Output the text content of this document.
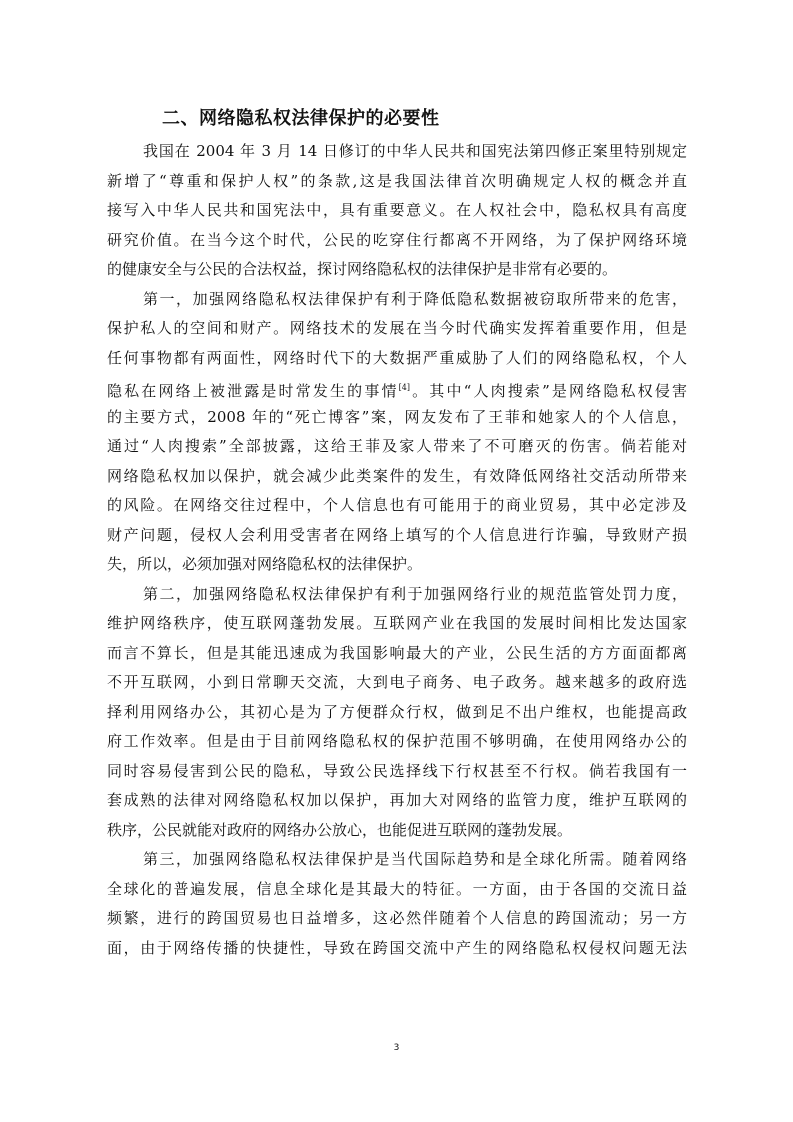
二、网络隐私权法律保护的必要性
我国在 2004 年 3 月 14 日修订的中华人民共和国宪法第四修正案里特别规定
新增了“尊重和保护人权”的条款,这是我国法律首次明确规定人权的概念并直
接写入中华人民共和国宪法中，具有重要意义。在人权社会中，隐私权具有高度
研究价值。在当今这个时代，公民的吃穿住行都离不开网络，为了保护网络环境
的健康安全与公民的合法权益，探讨网络隐私权的法律保护是非常有必要的。
第一，加强网络隐私权法律保护有利于降低隐私数据被窃取所带来的危害，
保护私人的空间和财产。网络技术的发展在当今时代确实发挥着重要作用，但是
任何事物都有两面性，网络时代下的大数据严重威胁了人们的网络隐私权，个人
隐私在网络上被泄露是时常发生的事情[4]。其中“人肉搜索”是网络隐私权侵害
的主要方式，2008 年的“死亡博客”案，网友发布了王菲和她家人的个人信息，
通过“人肉搜索”全部披露，这给王菲及家人带来了不可磨灭的伤害。倘若能对
网络隐私权加以保护，就会减少此类案件的发生，有效降低网络社交活动所带来
的风险。在网络交往过程中，个人信息也有可能用于的商业贸易，其中必定涉及
财产问题，侵权人会利用受害者在网络上填写的个人信息进行诈骗，导致财产损
失，所以，必须加强对网络隐私权的法律保护。
第二，加强网络隐私权法律保护有利于加强网络行业的规范监管处罚力度，
维护网络秩序，使互联网蓬勃发展。互联网产业在我国的发展时间相比发达国家
而言不算长，但是其能迅速成为我国影响最大的产业，公民生活的方方面面都离
不开互联网，小到日常聊天交流，大到电子商务、电子政务。越来越多的政府选
择利用网络办公，其初心是为了方便群众行权，做到足不出户维权，也能提高政
府工作效率。但是由于目前网络隐私权的保护范围不够明确，在使用网络办公的
同时容易侵害到公民的隐私，导致公民选择线下行权甚至不行权。倘若我国有一
套成熟的法律对网络隐私权加以保护，再加大对网络的监管力度，维护互联网的
秩序，公民就能对政府的网络办公放心，也能促进互联网的蓬勃发展。
第三，加强网络隐私权法律保护是当代国际趋势和是全球化所需。随着网络
全球化的普遍发展，信息全球化是其最大的特征。一方面，由于各国的交流日益
频繁，进行的跨国贸易也日益增多，这必然伴随着个人信息的跨国流动；另一方
面，由于网络传播的快捷性，导致在跨国交流中产生的网络隐私权侵权问题无法
3
